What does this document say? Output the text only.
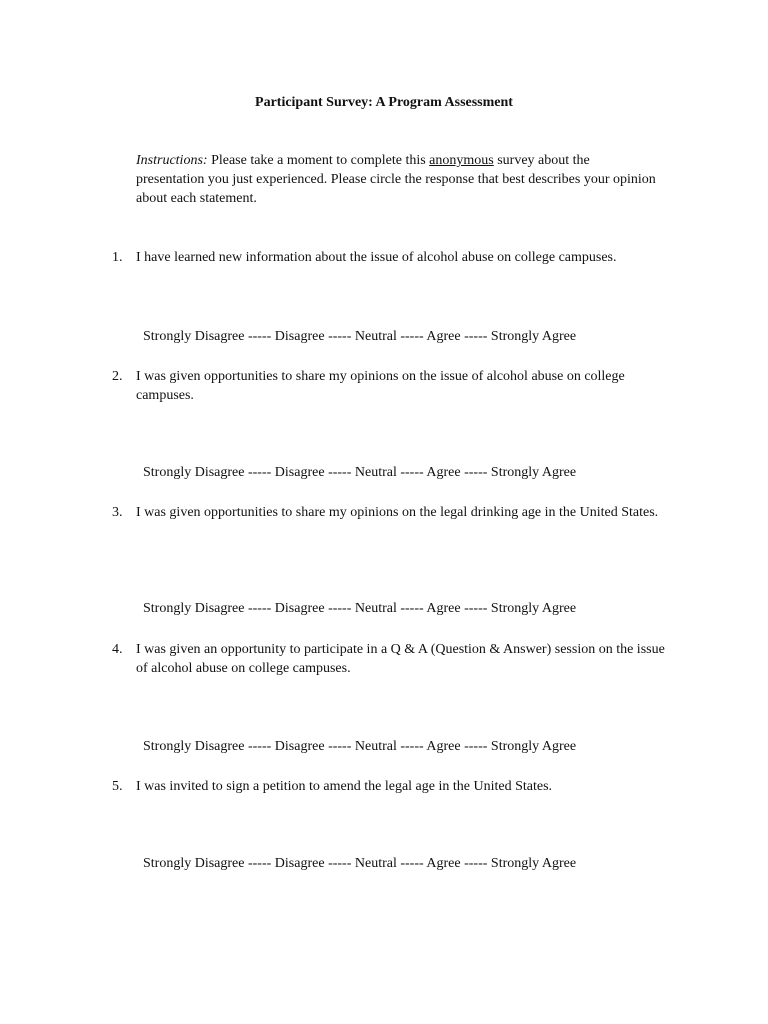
Participant Survey: A Program Assessment
Instructions: Please take a moment to complete this anonymous survey about the presentation you just experienced. Please circle the response that best describes your opinion about each statement.
1. I have learned new information about the issue of alcohol abuse on college campuses.

Strongly Disagree ----- Disagree ----- Neutral ----- Agree ----- Strongly Agree

2. I was given opportunities to share my opinions on the issue of alcohol abuse on college campuses.

Strongly Disagree ----- Disagree ----- Neutral ----- Agree ----- Strongly Agree

3. I was given opportunities to share my opinions on the legal drinking age in the United States.

Strongly Disagree ----- Disagree ----- Neutral ----- Agree ----- Strongly Agree

4. I was given an opportunity to participate in a Q & A (Question & Answer) session on the issue of alcohol abuse on college campuses.

Strongly Disagree ----- Disagree ----- Neutral ----- Agree ----- Strongly Agree

5. I was invited to sign a petition to amend the legal age in the United States.

Strongly Disagree ----- Disagree ----- Neutral ----- Agree ----- Strongly Agree
